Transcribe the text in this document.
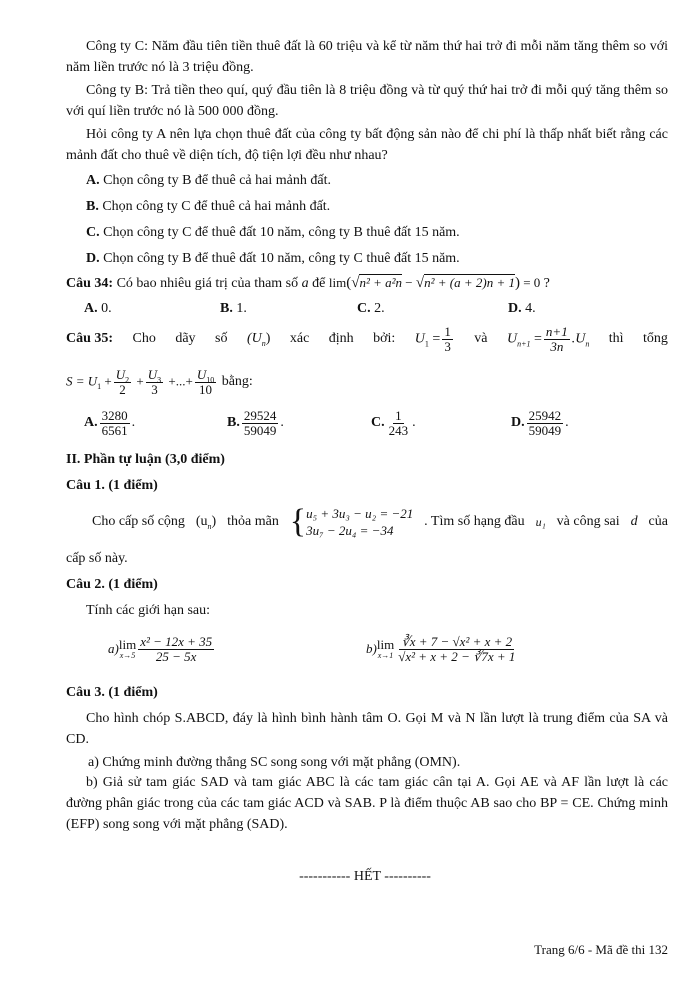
Công ty C: Năm đầu tiên tiền thuê đất là 60 triệu và kể từ năm thứ hai trở đi mỗi năm tăng thêm so với năm liền trước nó là 3 triệu đồng.
Công ty B: Trả tiền theo quí, quý đầu tiên là 8 triệu đồng và từ quý thứ hai trở đi mỗi quý tăng thêm so với quí liền trước nó là 500 000 đồng.
Hỏi công ty A nên lựa chọn thuê đất của công ty bất động sản nào để chi phí là thấp nhất biết rằng các mảnh đất cho thuê về diện tích, độ tiện lợi đều như nhau?
A. Chọn công ty B để thuê cả hai mảnh đất.
B. Chọn công ty C để thuê cả hai mảnh đất.
C. Chọn công ty C để thuê đất 10 năm, công ty B thuê đất 15 năm.
D. Chọn công ty B để thuê đất 10 năm, công ty C thuê đất 15 năm.
Câu 34: Có bao nhiêu giá trị của tham số a để lim(√n² + a²n − √n² + (a + 2)n + 1) = 0 ?
A. 0.	B. 1.	C. 2.	D. 4.
Câu 35: Cho dãy số $(U_n)$ xác định bởi: $U_1 = \frac{1}{3}$ và $U_{n+1} = \frac{n+1}{3n} .U_n$ thì tổng
$S = U_1 + \frac{U_2}{2} + \frac{U_3}{3}$ +...+ $\frac{U_{10}}{10}$
bằng:
A. $\frac{3280}{6561}$ .	B. $\frac{29524}{59049}$ .	C. $\frac{1}{243}$ .	D. $\frac{25942}{59049}$ .
II. Phần tự luận (3,0 điểm)
Câu 1. (1 điểm)
Cho cấp số cộng $(u_n)$ thỏa mãn { u₅ + 3u₃ − u₂ = −21
3u₇ − 2u₄ = −34
. Tìm số hạng đầu u₁ và công sai d của
cấp số này.
Câu 2. (1 điểm)
Tính các giới hạn sau:
a) lim
$x\to 5 \frac{\text{x² − 12x + 35}}{25 - 5x}$	b) lim
$x\to 1 \frac{\text{∛x + 7 − √x² + x + 2}}{\text{√x² + x + 2 − ∛7x + 1}}$
Câu 3. (1 điểm)
Cho hình chóp S.ABCD, đáy là hình bình hành tâm O. Gọi M và N lần lượt là trung điểm của SA và CD.
a) Chứng minh đường thẳng SC song song với mặt phẳng (OMN).
b) Giả sử tam giác SAD và tam giác ABC là các tam giác cân tại A. Gọi AE và AF lần lượt là các đường phân giác trong của các tam giác ACD và SAB. P là điểm thuộc AB sao cho BP = CE. Chứng minh (EFP) song song với mặt phẳng (SAD).
----------- HẾT ----------
Trang 6/6 - Mã đề thi 132
